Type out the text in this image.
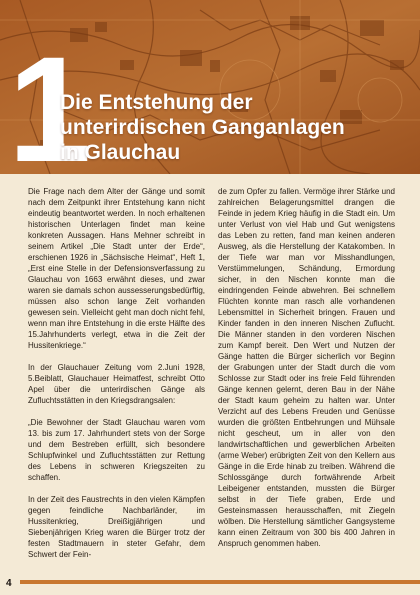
1
Die Entstehung der
unterirdischen Ganganlagen
in Glauchau

Die Frage nach dem Alter der Gänge und somit nach dem Zeitpunkt ihrer Entstehung kann nicht eindeutig beantwortet werden. In noch erhaltenen historischen Unterlagen findet man keine konkreten Aussagen. Hans Mehner schreibt in seinem Artikel „Die Stadt unter der Erde“, erschienen 1926 in „Sächsische Heimat“, Heft 1, „Erst eine Stelle in der Defensionsverfassung zu Glauchau von 1663 erwähnt dieses, und zwar waren sie damals schon aussesserungsbedürftig, müssen also schon lange Zeit vorhanden gewesen sein. Vielleicht geht man doch nicht fehl, wenn man ihre Entstehung in die erste Hälfte des 15.Jahrhunderts verlegt, etwa in die Zeit der Hussitenkriege.“

In der Glauchauer Zeitung vom 2.Juni 1928, 5.Beiblatt, Glauchauer Heimatfest, schreibt Otto Apel über die unterirdischen Gänge als Zufluchtsstätten in den Kriegsdrangsalen:

„Die Bewohner der Stadt Glauchau waren vom 13. bis zum 17. Jahrhundert stets von der Sorge und dem Bestreben erfüllt, sich besondere Schlupfwinkel und Zufluchtsstätten zur Rettung des Lebens in schweren Kriegszeiten zu schaffen.

In der Zeit des Faustrechts in den vielen Kämpfen gegen feindliche Nachbarländer, im Hussitenkrieg, Dreißigjährigen und Siebenjährigen Krieg waren die Bürger trotz der festen Stadtmauern in steter Gefahr, dem Schwert der Fein-

de zum Opfer zu fallen. Vermöge ihrer Stärke und zahlreichen Belagerungsmittel drangen die Feinde in jedem Krieg häufig in die Stadt ein. Um unter Verlust von viel Hab und Gut wenigstens das Leben zu retten, fand man keinen anderen Ausweg, als die Herstellung der Katakomben. In der Tiefe war man vor Misshandlungen, Verstümmelungen, Schändung, Ermordung sicher, in den Nischen konnte man die eindringenden Feinde abwehren. Bei schnellem Flüchten konnte man rasch alle vorhandenen Lebensmittel in Sicherheit bringen. Frauen und Kinder fanden in den inneren Nischen Zuflucht. Die Männer standen in den vorderen Nischen zum Kampf bereit. Den Wert und Nutzen der Gänge hatten die Bürger sicherlich vor Beginn der Grabungen unter der Stadt durch die vom Schlosse zur Stadt oder ins freie Feld führenden Gänge kennen gelernt, deren Bau in der Nähe der Stadt kaum geheim zu halten war. Unter Verzicht auf des Lebens Freuden und Genüsse wurden die größten Entbehrungen und Mühsale nicht gescheut, um in aller von den landwirtschaftlichen und gewerblichen Arbeiten (arme Weber) erübrigten Zeit von den Kellern aus Gänge in die Erde hinab zu treiben. Während die Schlossgänge durch fortwährende Arbeit Leibeigener entstanden, mussten die Bürger selbst in der Tiefe graben, Erde und Gesteinsmassen herausschaffen, mit Ziegeln wölben. Die Herstellung sämtlicher Gangsysteme kann einen Zeitraum von 300 bis 400 Jahren in Anspruch genommen haben.

4
